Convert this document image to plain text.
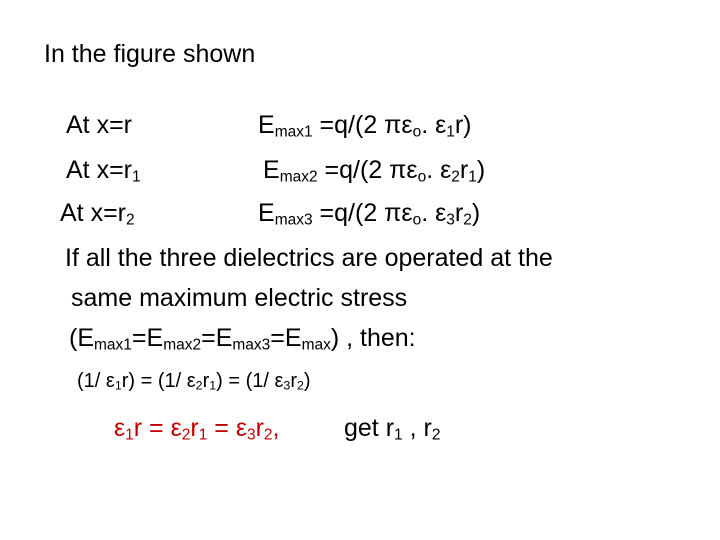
In the figure shown
At x=r	$E_{max1} =q/(2$ $\pi\varepsilon_o$. $\varepsilon_1r$)
At $x=r_1$	$E_{max2} =q/(2$ $\pi\varepsilon_o$. $\varepsilon_2r_1$)
At $x=r_2$	$E_{max3} =q/(2$ $\pi\varepsilon_o$. $\varepsilon_3r_2$)
If all the three dielectrics are operated at the
same maximum electric stress
$(E_{max1}=E_{max2}=E_{max3}=E_{max})$ , then:
(1/ $\varepsilon_1r) = (1/$ $\varepsilon_2r_1) = (1/$ $\varepsilon_3r_2$)
$\varepsilon_1r = \varepsilon_2r_1 = \varepsilon_3r_2$,	get $r_1$ , $r_2$
